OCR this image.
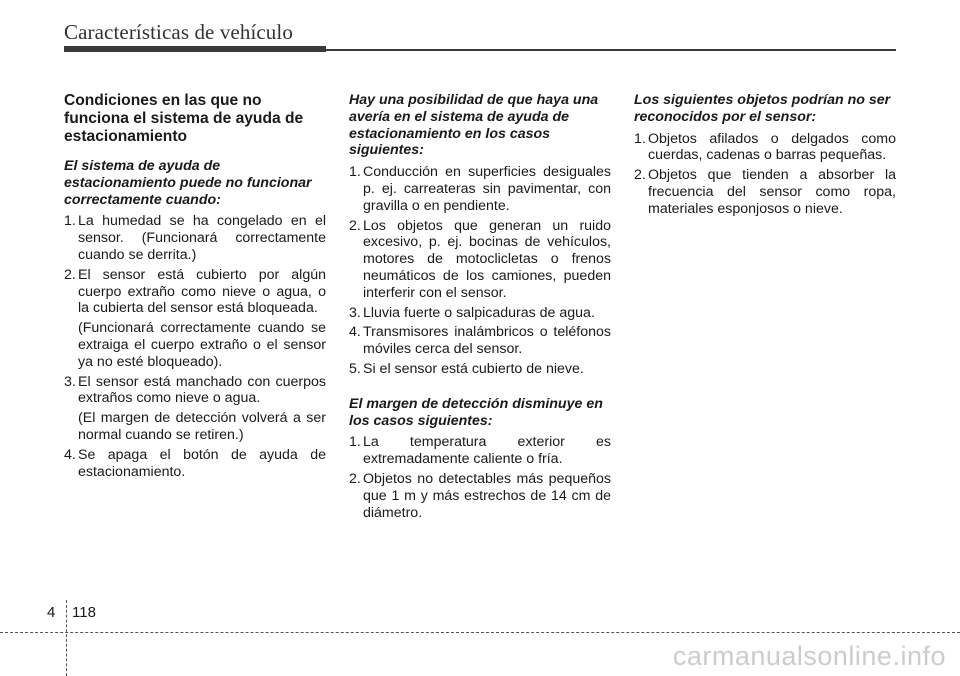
Características de vehículo
Condiciones en las que no funciona el sistema de ayuda de estacionamiento
El sistema de ayuda de estacionamiento puede no funcionar correctamente cuando:
1. La humedad se ha congelado en el sensor. (Funcionará correctamente cuando se derrita.)
2. El sensor está cubierto por algún cuerpo extraño como nieve o agua, o la cubierta del sensor está bloqueada.
(Funcionará correctamente cuando se extraiga el cuerpo extraño o el sensor ya no esté bloqueado).
3. El sensor está manchado con cuerpos extraños como nieve o agua.
(El margen de detección volverá a ser normal cuando se retiren.)
4. Se apaga el botón de ayuda de estacionamiento.
Hay una posibilidad de que haya una avería en el sistema de ayuda de estacionamiento en los casos siguientes:
1. Conducción en superficies desiguales p. ej. carreateras sin pavimentar, con gravilla o en pendiente.
2. Los objetos que generan un ruido excesivo, p. ej. bocinas de vehículos, motores de motoclicletas o frenos neumáticos de los camiones, pueden interferir con el sensor.
3. Lluvia fuerte o salpicaduras de agua.
4. Transmisores inalámbricos o teléfonos móviles cerca del sensor.
5. Si el sensor está cubierto de nieve.
El margen de detección disminuye en los casos siguientes:
1. La temperatura exterior es extremadamente caliente o fría.
2. Objetos no detectables más pequeños que 1 m y más estrechos de 14 cm de diámetro.
Los siguientes objetos podrían no ser reconocidos por el sensor:
1. Objetos afilados o delgados como cuerdas, cadenas o barras pequeñas.
2. Objetos que tienden a absorber la frecuencia del sensor como ropa, materiales esponjosos o nieve.
4 118
carmanualsonline.info
